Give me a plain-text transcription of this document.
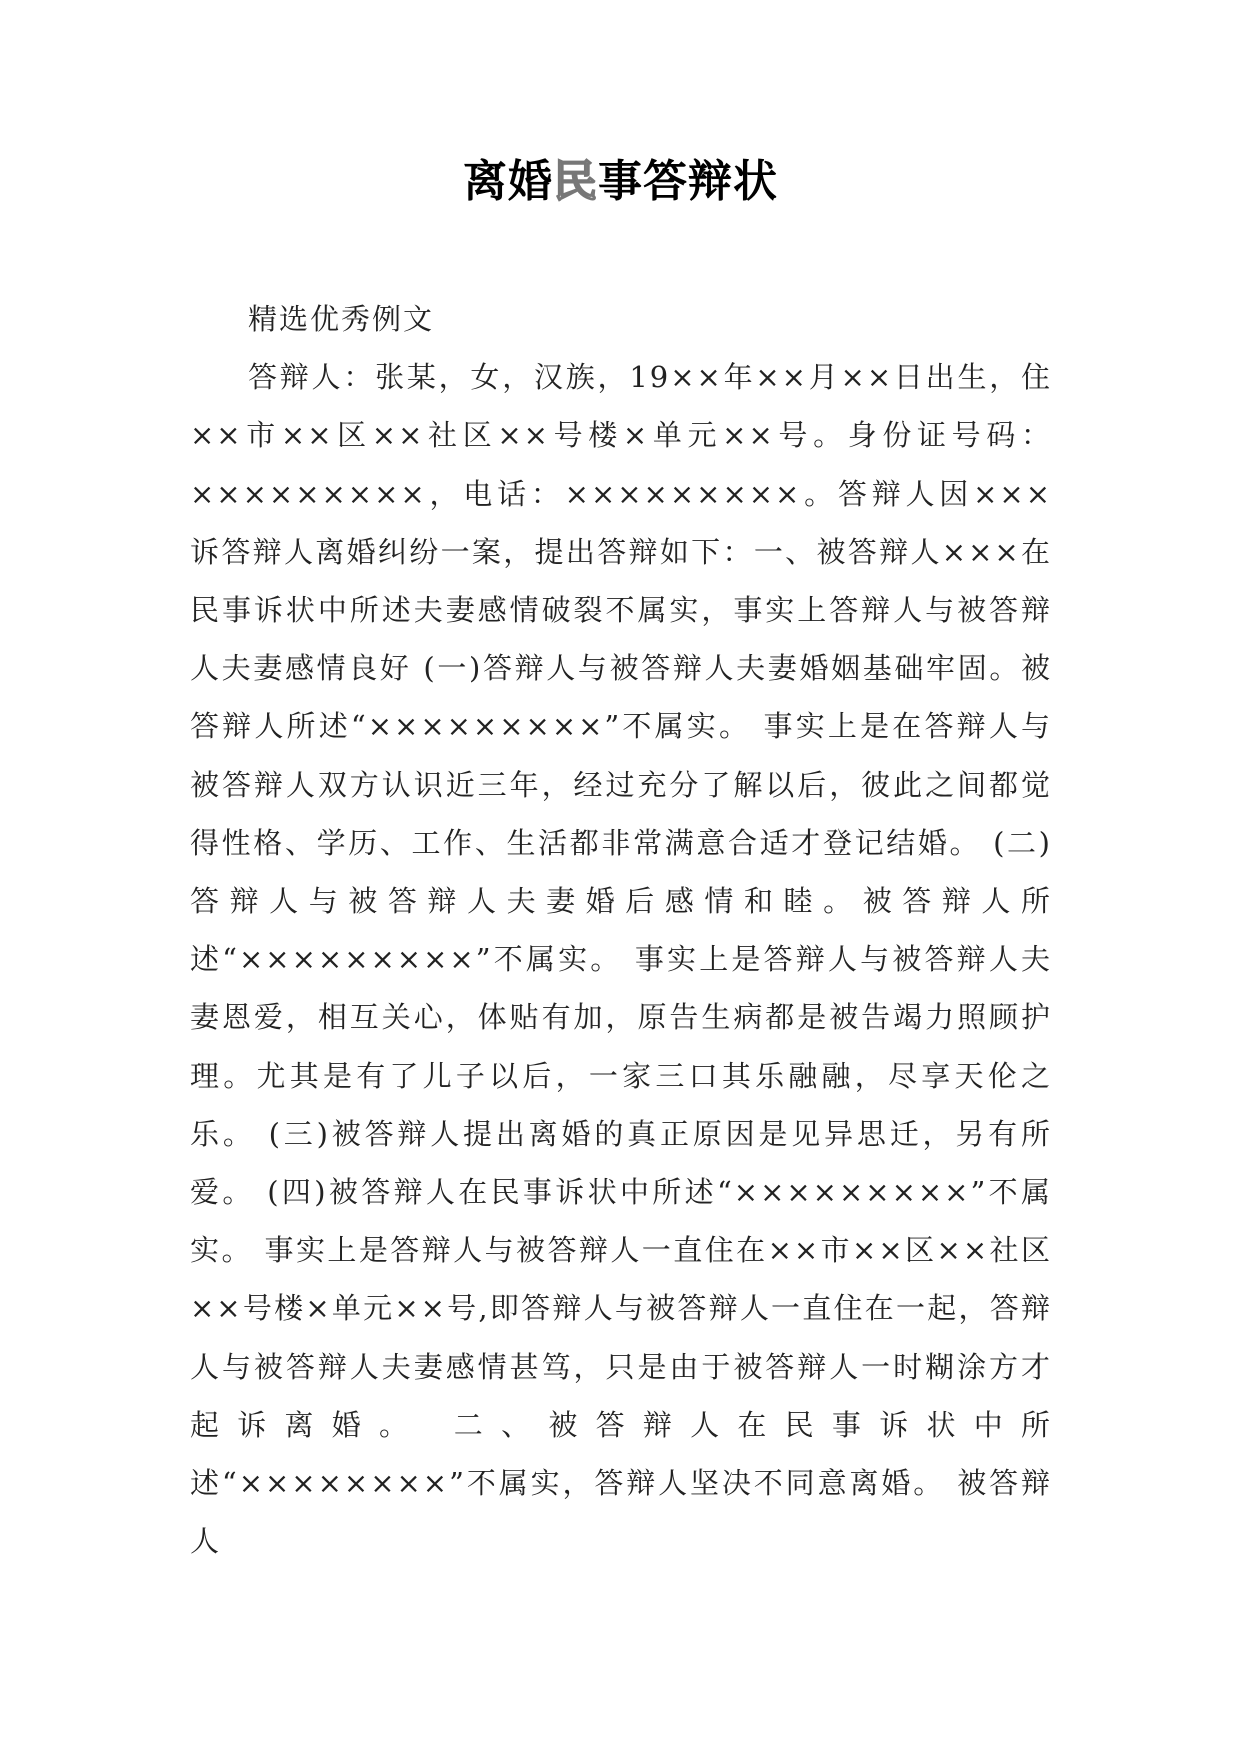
离婚民事答辩状

精选优秀例文

答辩人：张某，女，汉族，19××年××月××日出生，住××市××区××社区××号楼×单元××号。身份证号码：×××××××××，电话：×××××××××。答辩人因×××诉答辩人离婚纠纷一案，提出答辩如下：一、被答辩人×××在民事诉状中所述夫妻感情破裂不属实，事实上答辩人与被答辩人夫妻感情良好 (一)答辩人与被答辩人夫妻婚姻基础牢固。被答辩人所述“×××××××××”不属实。 事实上是在答辩人与被答辩人双方认识近三年，经过充分了解以后，彼此之间都觉得性格、学历、工作、生活都非常满意合适才登记结婚。 (二)答辩人与被答辩人夫妻婚后感情和睦。被答辩人所述“×××××××××”不属实。 事实上是答辩人与被答辩人夫妻恩爱，相互关心，体贴有加，原告生病都是被告竭力照顾护理。尤其是有了儿子以后，一家三口其乐融融，尽享天伦之乐。 (三)被答辩人提出离婚的真正原因是见异思迁，另有所爱。 (四)被答辩人在民事诉状中所述“×××××××××”不属实。 事实上是答辩人与被答辩人一直住在××市××区××社区××号楼×单元××号,即答辩人与被答辩人一直住在一起，答辩人与被答辩人夫妻感情甚笃，只是由于被答辩人一时糊涂方才起诉离婚。 二、被答辩人在民事诉状中所述“××××××××”不属实，答辩人坚决不同意离婚。 被答辩人
